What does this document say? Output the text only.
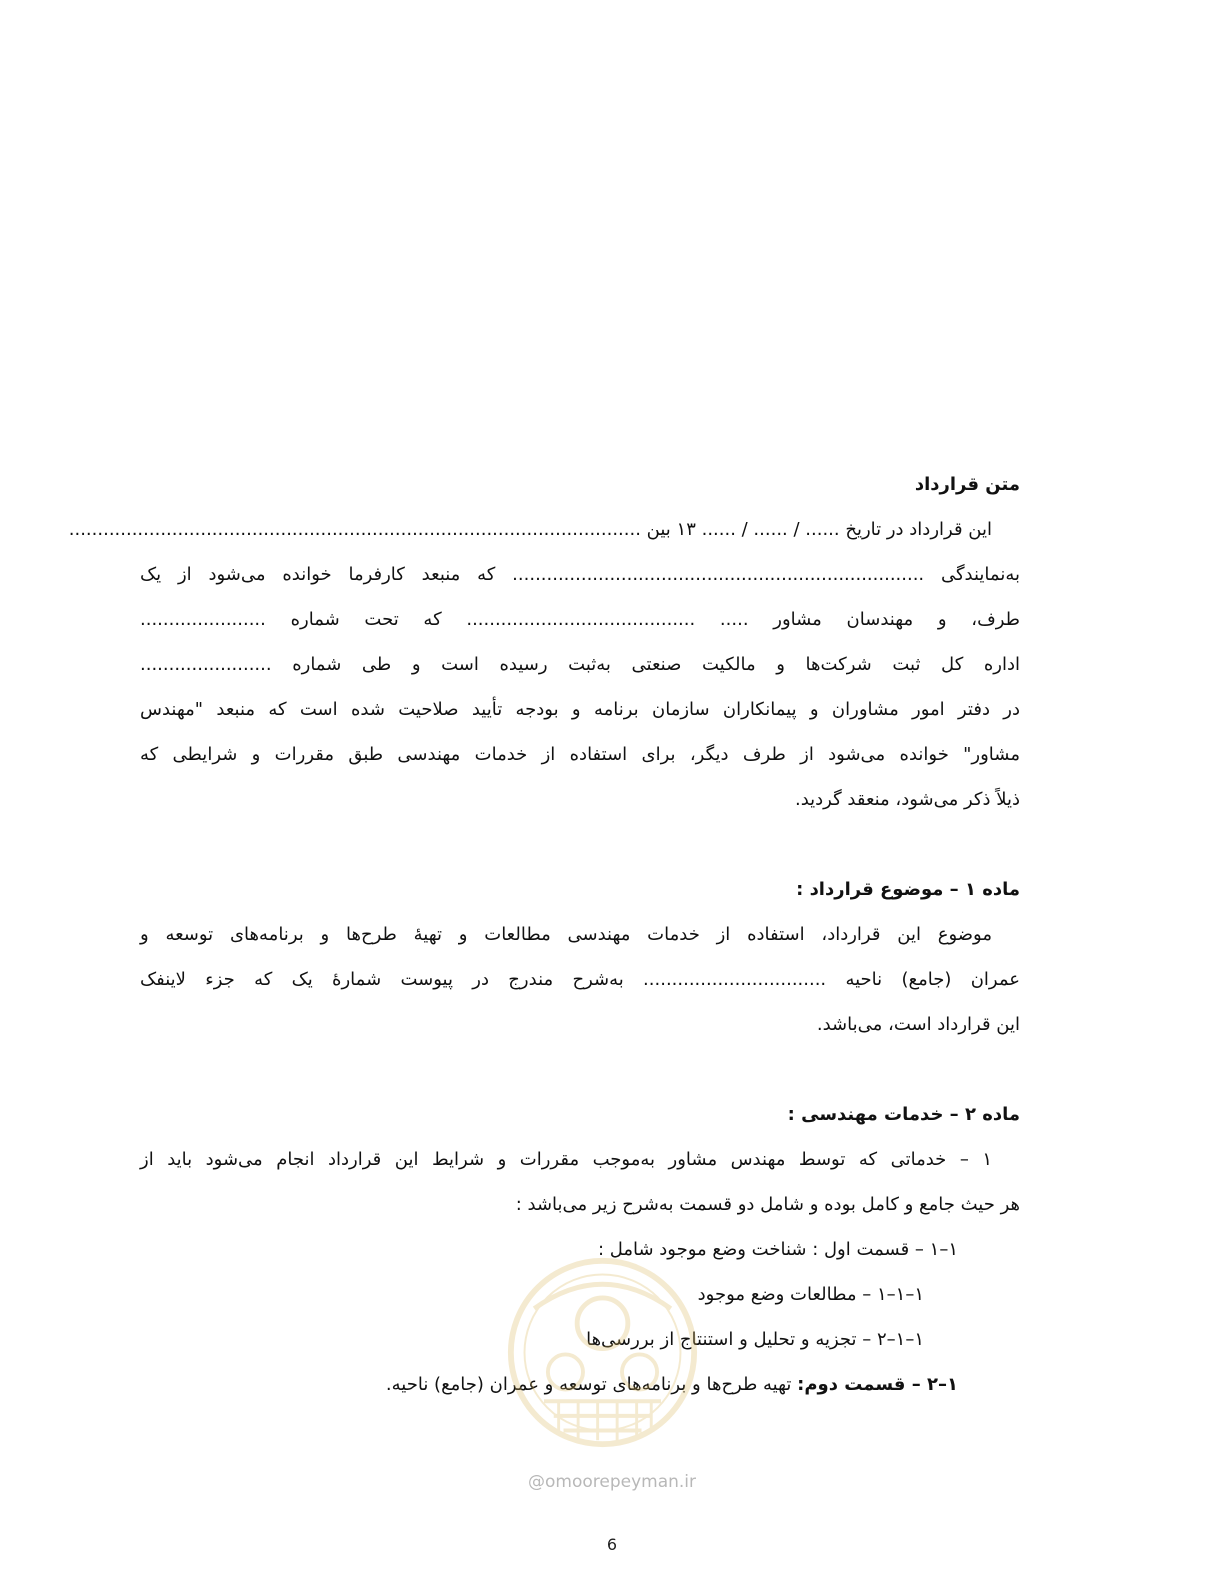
متن قرارداد
این قرارداد در تاریخ ...... / ...... / ...... ۱۳ بین ....................................................................................................
به‌نمایندگی ........................................................................ که منبعد کارفرما خوانده می‌شود از یک
طرف، و مهندسان مشاور ..... ........................................ که تحت شماره ......................
اداره کل ثبت شرکت‌ها و مالکیت صنعتی به‌ثبت رسیده است و طی شماره .......................
در دفتر امور مشاوران و پیمانکاران سازمان برنامه و بودجه تأیید صلاحیت شده است که منبعد "مهندس
مشاور" خوانده می‌شود از طرف دیگر، برای استفاده از خدمات مهندسی طبق مقررات و شرایطی که
ذیلاً ذکر می‌شود، منعقد گردید.
ماده ۱ – موضوع قرارداد :
موضوع این قرارداد، استفاده از خدمات مهندسی مطالعات و تهیهٔ طرح‌ها و برنامه‌های توسعه و
عمران (جامع) ناحیه ................................ به‌شرح مندرج در پیوست شمارهٔ یک که جزء لاینفک
این قرارداد است، می‌باشد.
ماده ۲ – خدمات مهندسی :
۱ – خدماتی که توسط مهندس مشاور به‌موجب مقررات و شرایط این قرارداد انجام می‌شود باید از
هر حیث جامع و کامل بوده و شامل دو قسمت به‌شرح زیر می‌باشد :
۱–۱ – قسمت اول : شناخت وضع موجود شامل :
۱–۱–۱ – مطالعات وضع موجود
۱–۱–۲ – تجزیه و تحلیل و استنتاج از بررسی‌ها
۱–۲ – قسمت دوم: تهیه طرح‌ها و برنامه‌های توسعه و عمران (جامع) ناحیه.
@omoorepeyman.ir
6
